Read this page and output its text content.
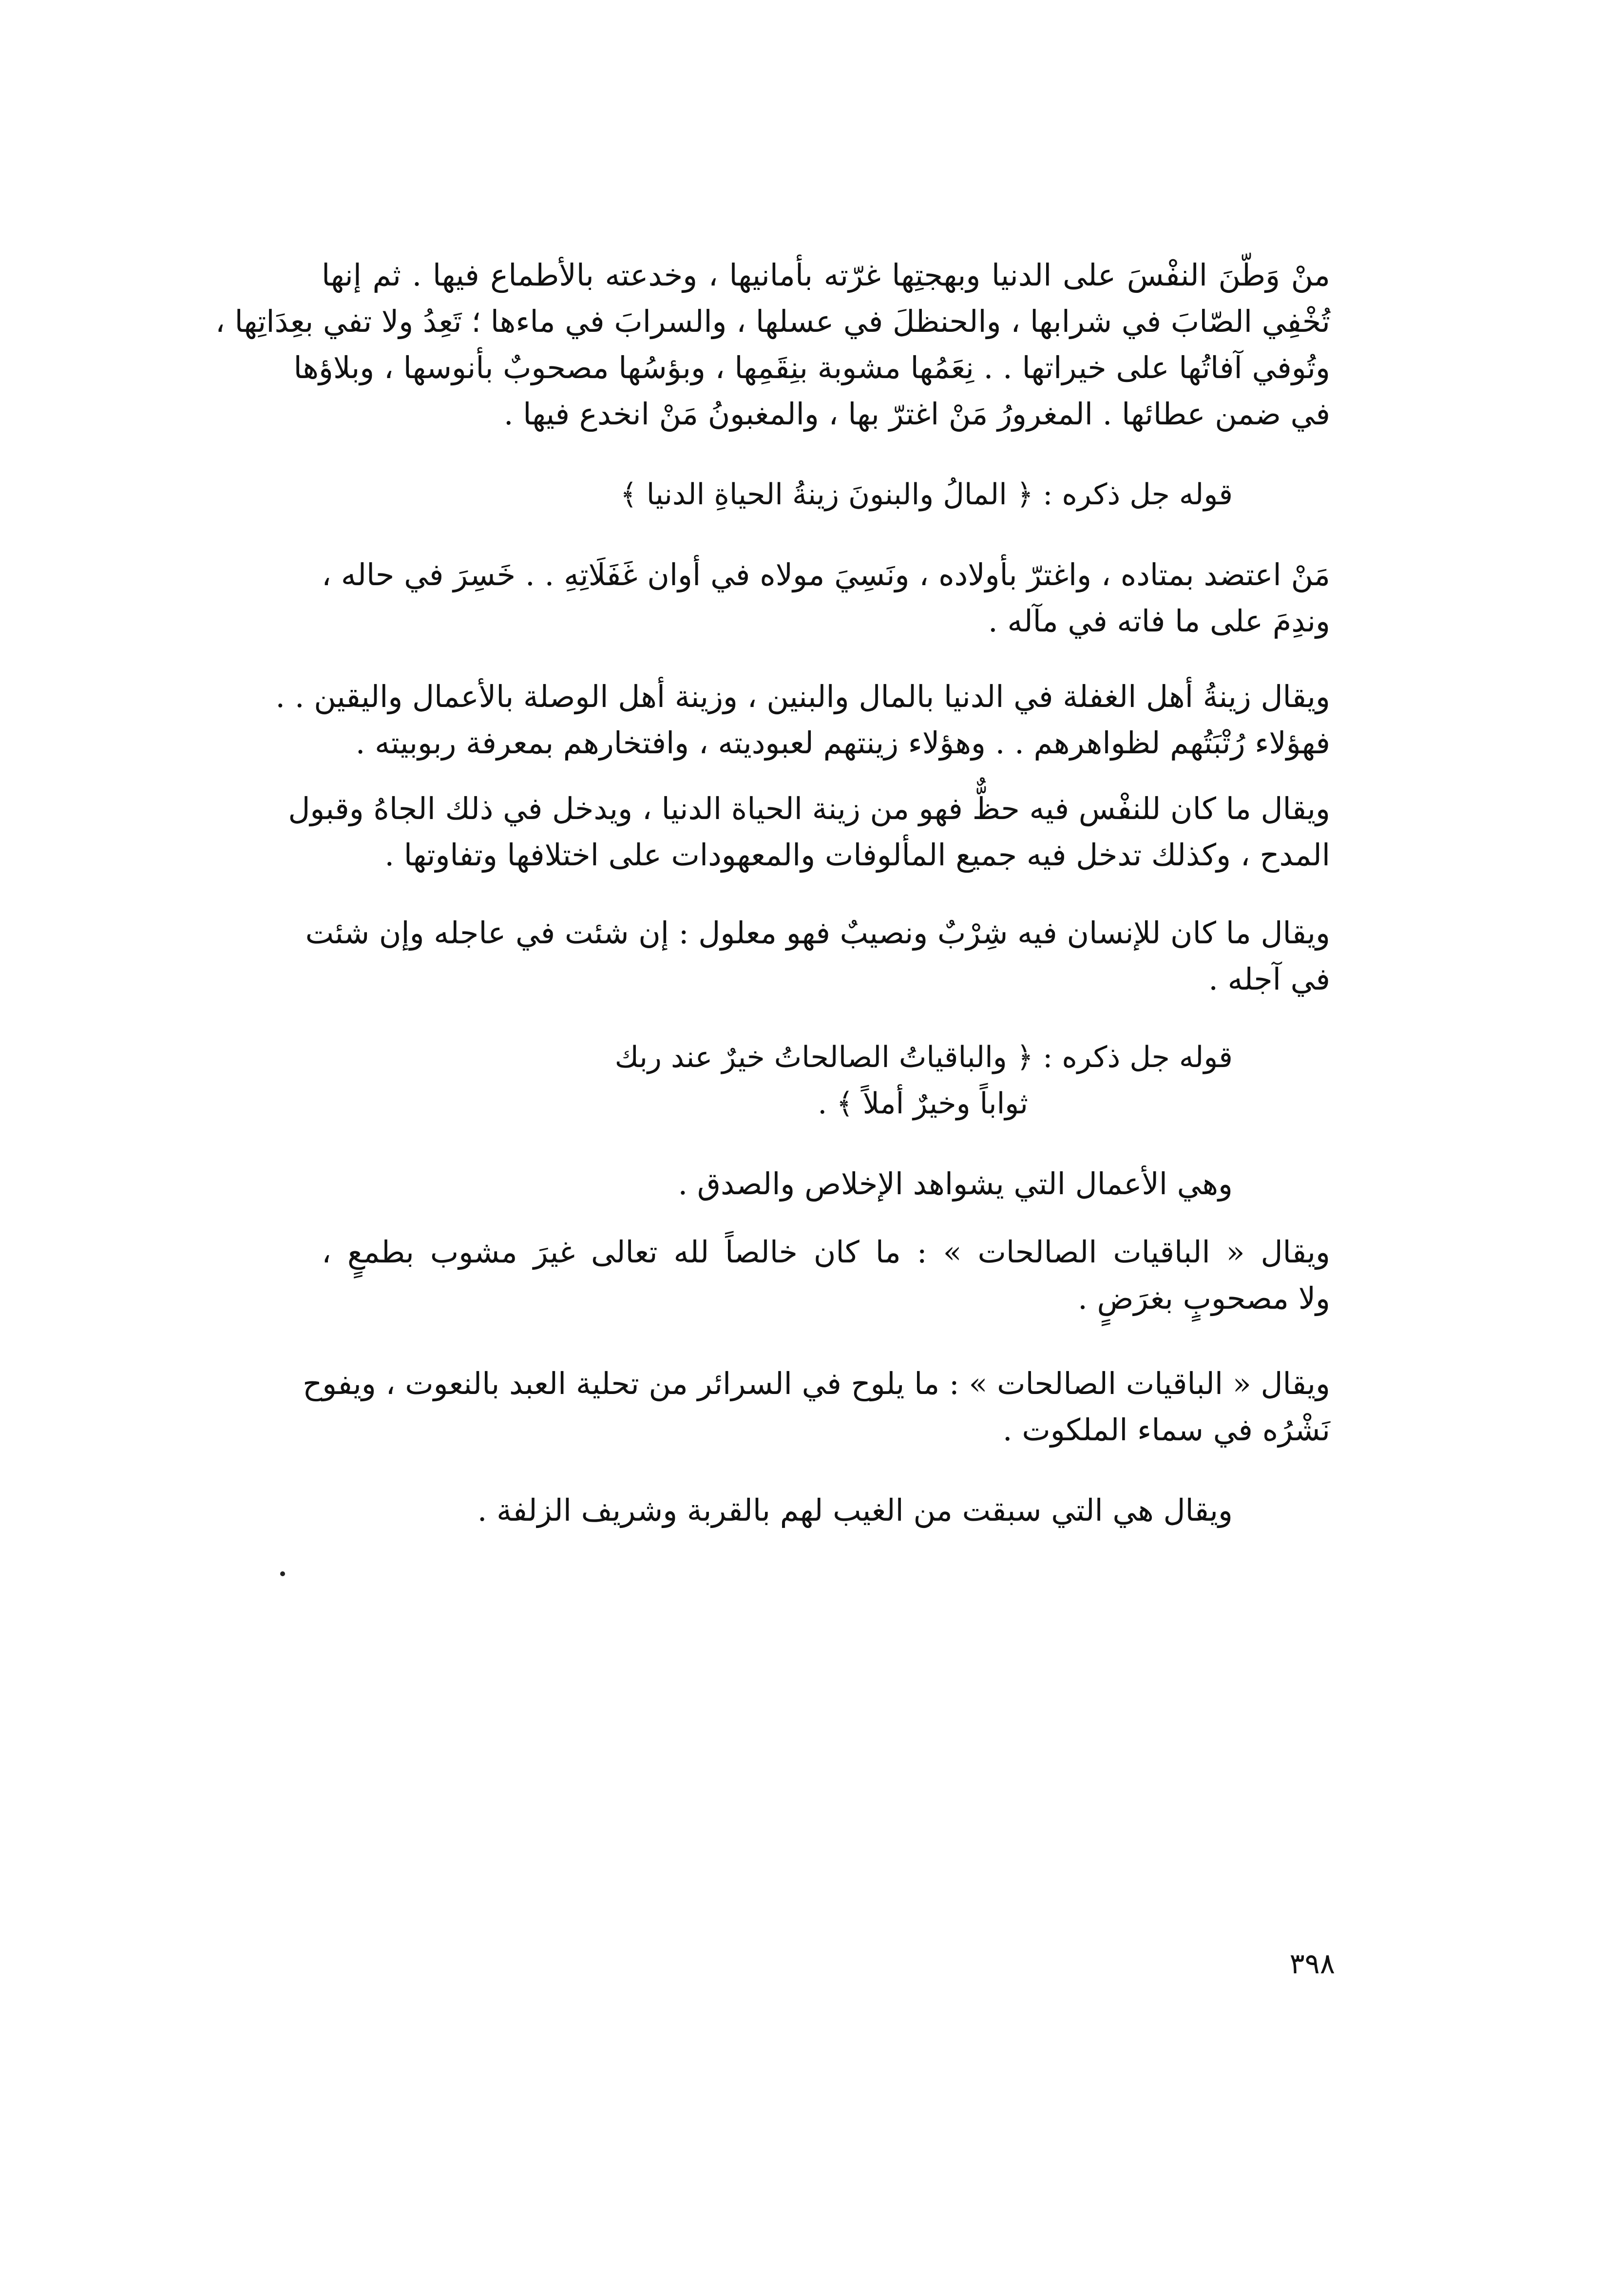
منْ وَطّنَ النفْسَ على الدنيا وبهجتِها غرّته بأمانيها ، وخدعته بالأطماع فيها . ثم إنها
تُخْفِي الصّابَ في شرابها ، والحنظلَ في عسلها ، والسرابَ في ماءها ؛ تَعِدُ ولا تفي بعِدَاتِها ،
وتُوفي آفاتُها على خيراتها . . نِعَمُها مشوبة بنِقَمِها ، وبؤسُها مصحوبٌ بأنوسها ، وبلاؤها
في ضمن عطائها . المغرورُ مَنْ اغترّ بها ، والمغبونُ مَنْ انخدع فيها .
قوله جل ذكره : ﴿ المالُ والبنونَ زينةُ الحياةِ الدنيا ﴾
مَنْ اعتضد بمتاده ، واغترّ بأولاده ، ونَسِيَ مولاه في أوان غَفَلَاتِهِ . . خَسِرَ في حاله ،
وندِمَ على ما فاته في مآله .
ويقال زينةُ أهل الغفلة في الدنيا بالمال والبنين ، وزينة أهل الوصلة بالأعمال واليقين . .
فهؤلاء رُتْبَتُهم لظواهرهم . . وهؤلاء زينتهم لعبوديته ، وافتخارهم بمعرفة ربوبيته .
ويقال ما كان للنفْس فيه حظٌّ فهو من زينة الحياة الدنيا ، ويدخل في ذلك الجاهُ وقبول
المدح ، وكذلك تدخل فيه جميع المألوفات والمعهودات على اختلافها وتفاوتها .
ويقال ما كان للإنسان فيه شِرْبٌ ونصيبٌ فهو معلول : إن شئت في عاجله وإن شئت
في آجله .
قوله جل ذكره : ﴿ والباقياتُ الصالحاتُ خيرٌ عند ربك
ثواباً وخيرٌ أملاً ﴾ .
وهي الأعمال التي يشواهد الإخلاص والصدق .
ويقال « الباقيات الصالحات » : ما كان خالصاً لله تعالى غيرَ مشوب بطمعٍ ،
ولا مصحوبٍ بغرَضٍ .
ويقال « الباقيات الصالحات » : ما يلوح في السرائر من تحلية العبد بالنعوت ، ويفوح
نَشْرُه في سماء الملكوت .
ويقال هي التي سبقت من الغيب لهم بالقربة وشريف الزلفة .
٣٩٨
